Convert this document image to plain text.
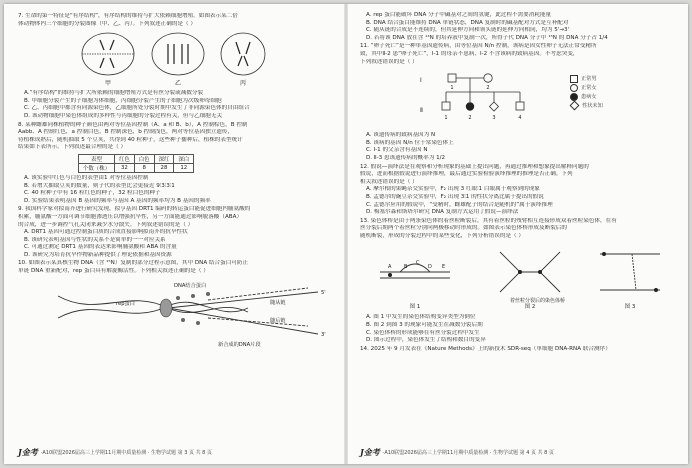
7. 生命的第一特征是“有序结构”，有序结构的维持与扩大依赖细胞增殖。如图表示某二倍
体动物体内三个细胞的分裂图像（甲、乙、丙）。下列叙述正确的是（ ）
甲	乙	丙
A.“有序结构”的维持与扩大所依赖的细胞增殖方式是有丝分裂或减数分裂
B. 甲细胞分裂产生的子细胞为体细胞，丙细胞分裂产生的子细胞为次级卵母细胞
C. 乙、丙细胞中都含有同源染色体，乙细胞所处分裂时期中发生了非同源染色体的自由组合
D. 该动物细胞中染色体组成的多样性与丙细胞的分裂过程有关，但与乙细胞无关
8. 某种雌雄同株植物的种子颜色由两对等位基因控制（A、a 和 B、b），A 控制棕色，B 控制
Aabb、A 控制红色，a 控制白色，B 控制深色，b 控制浅色，两对等位基因独立遗传，
待植株成熟后，随机抽取 5 个豆荚，共得到 40 粒种子，这些种子播种后，植株的表型统计
结果如下表所示。下列叙述最合理的是（ ）
表型	红色	白色	深红	深白
个数（株）	32	8	28	12
A. 该实验中红色与白色的表型由1 对等位基因控制
B. 若增大抽取豆荚的数量，则子代的表型比会更接近 9∶3∶3∶1
C. 40 粒种子中有 16 粒红色的种子，32 粒白色的种子
D. 实验结果表明基因 B 基因的频率与基因 A 基因的频率均为 B 基因的频率
9. 我国科学家对拟南芥进行研究发现，拟亨基因 DRT1 编码的转运蛋白能促进细胞内脯氨酸的
积累，脯氨酸一方面可调节细胞渗透压以增强抗旱性，另一方面能通过影响脱落酸（ABA）
的合成，进一步调控气孔关闭来减少水分散失。下列叙述错误的是（ ）
A. DRT1 基因可通过控制蛋白质的合成直接影响拟南芥的抗旱性状
B. 该研究表明基因与性状的关系不是简单的一一对应关系
C. 可通过测定 DRT1 基因的表达来影响脯氨酸和 ABA 的含量
D. 该研究为培育抗旱作物新品种提供了理论依据和基因资源
10. 如图表示某真核生物 DNA（含 ¹⁵N）复制的部分过程示意图，其中 DNA 结合蛋白可防止
单链 DNA 重新配对，rep 蛋白具有解旋酶活性。下列相关叙述正确的是（ ）
DNA结合蛋白
rep蛋白	随从链
随后链
新合成的DNA片段
5'
3'
J金考 ·A10联盟2026届高三上学期11月期中质量检测 · 生物学试题 第 3 页 共 8 页
A. rep 蛋白能破坏 DNA 分子中碱基对之间的氢键，此过程不需要消耗能量
B. DNA 结合蛋白能维持 DNA 单链状态，DNA 复制时的碱基配对方式是互补配对
C. 随从链的合成是不连续的，但其延伸方向和领头链的延伸方向相同，均为 5'→3'
D. 若将该 DNA 放在含 ¹⁴N 的培养液中复制一次，所得子代 DNA 分子中 ¹⁵N 的 DNA 分子占 1/4
11. “卵子死亡”是一种单基因遗传病，由等位基因 N/n 控制，该病是因女性卵子无法正常受精所
致，其中Ⅱ-2 患“卵子死亡”，Ⅰ-1 的母亲不患病，Ⅰ-2 不含该病的致病基因。不考虑突变，
下列叙述错误的是（ ）
Ⅰ
Ⅱ
1	2
1	2	3	4
正常男
正常女
患病女
性状未知
A. 该遗传病的致病基因为 N
B. 该病的基因 N/n 位于常染色体上
C. Ⅰ-1 的父亲含有基因 N
D. Ⅱ-3 患该遗传病的概率为 1/2
12. 假说—演绎法是在观察和分析现象的基础上提出问题，再通过推理和想象提出解释问题的
假说，进而根据假说进行演绎推理，最后通过实验检验演绎推理的推理是否正确。下列
相关叙述错误的是（ ）
A. 摩尔根的果蝇杂交实验中，F₂ 出现 3 红眼∶1 白眼属于观察到的现象
B. 孟德尔的豌豆杂交实验中，F₂ 出现 3∶1 的性状分离比属于提出的假说
C. 孟德尔应用的假说中，“受精时，雌雄配子的结合是随机的”属于演绎推理
D. 梅塞尔森和斯塔尔研究 DNA 复制方式运用了假说—演绎法
13. 染色体桥是由于两条染色体的着丝粒断裂后，其有着丝粒的残臂相互连接形成双着丝粒染色体，在有
丝分裂后期两个着丝粒分别向两极移动时形成的。如图表示染色体桥形成及断裂后的
随机断裂，形成的分裂过程中的某些变化，下列分析错误的是（ ）
A	B
C
D E
着丝粒分裂后的染色体桥
图 1	图 2	图 3
A. 图 1 中发生的染色体结构变异类型为倒位
B. 图 2 到图 3 的现象可能发生在减数分裂后期
C. 染色体桥的形成能够在有丝分裂过程中发生
D. 图示过程中，染色体发生了结构和数目的变异
14. 2025 年 9 月发表在《Nature Methods》上的新技术 SDR-seq（单细胞 DNA-RNA 联合测序）
J金考 ·A10联盟2026届高三上学期11月期中质量检测 · 生物学试题 第 4 页 共 8 页
